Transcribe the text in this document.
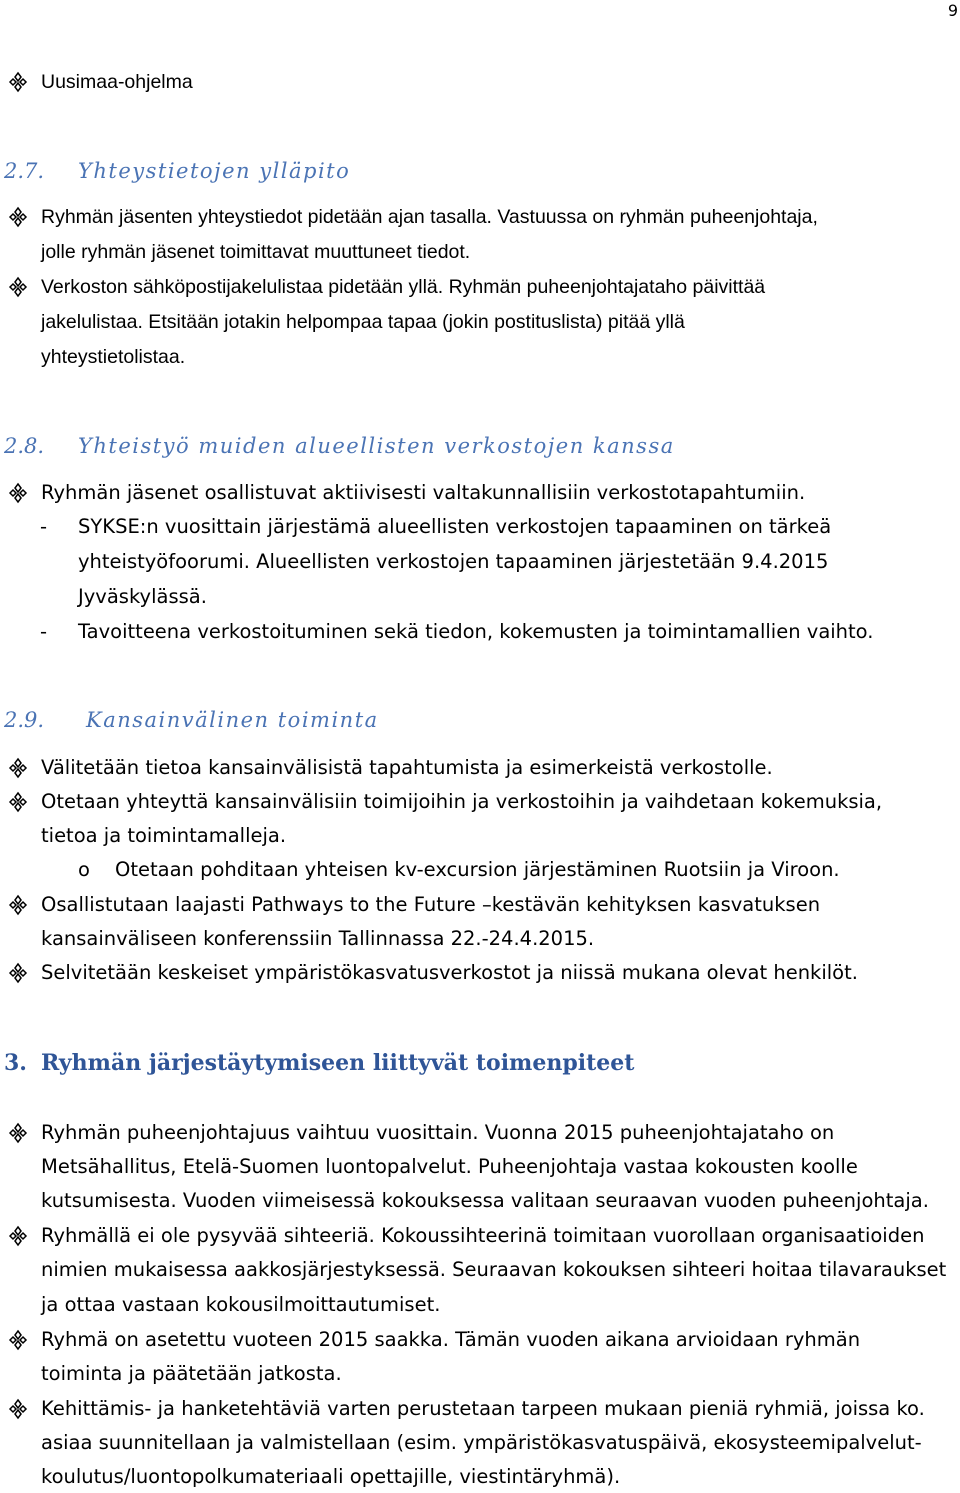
9
Uusimaa-ohjelma
2.7. Yhteystietojen ylläpito
Ryhmän jäsenten yhteystiedot pidetään ajan tasalla. Vastuussa on ryhmän puheenjohtaja,
jolle ryhmän jäsenet toimittavat muuttuneet tiedot.
Verkoston sähköpostijakelulistaa pidetään yllä. Ryhmän puheenjohtajataho päivittää
jakelulistaa. Etsitään jotakin helpompaa tapaa (jokin postituslista) pitää yllä
yhteystietolistaa.
2.8. Yhteistyö muiden alueellisten verkostojen kanssa
Ryhmän jäsenet osallistuvat aktiivisesti valtakunnallisiin verkostotapahtumiin.
- SYKSE:n vuosittain järjestämä alueellisten verkostojen tapaaminen on tärkeä
yhteistyöfoorumi. Alueellisten verkostojen tapaaminen järjestetään 9.4.2015
Jyväskylässä.
- Tavoitteena verkostoituminen sekä tiedon, kokemusten ja toimintamallien vaihto.
2.9. Kansainvälinen toiminta
Välitetään tietoa kansainvälisistä tapahtumista ja esimerkeistä verkostolle.
Otetaan yhteyttä kansainvälisiin toimijoihin ja verkostoihin ja vaihdetaan kokemuksia,
tietoa ja toimintamalleja.
o Otetaan pohditaan yhteisen kv-excursion järjestäminen Ruotsiin ja Viroon.
Osallistutaan laajasti Pathways to the Future –kestävän kehityksen kasvatuksen
kansainväliseen konferenssiin Tallinnassa 22.-24.4.2015.
Selvitetään keskeiset ympäristökasvatusverkostot ja niissä mukana olevat henkilöt.
3. Ryhmän järjestäytymiseen liittyvät toimenpiteet
Ryhmän puheenjohtajuus vaihtuu vuosittain. Vuonna 2015 puheenjohtajataho on
Metsähallitus, Etelä-Suomen luontopalvelut. Puheenjohtaja vastaa kokousten koolle
kutsumisesta. Vuoden viimeisessä kokouksessa valitaan seuraavan vuoden puheenjohtaja.
Ryhmällä ei ole pysyvää sihteeriä. Kokoussihteerinä toimitaan vuorollaan organisaatioiden
nimien mukaisessa aakkosjärjestyksessä. Seuraavan kokouksen sihteeri hoitaa tilavaraukset
ja ottaa vastaan kokousilmoittautumiset.
Ryhmä on asetettu vuoteen 2015 saakka. Tämän vuoden aikana arvioidaan ryhmän
toiminta ja päätetään jatkosta.
Kehittämis- ja hanketehtäviä varten perustetaan tarpeen mukaan pieniä ryhmiä, joissa ko.
asiaa suunnitellaan ja valmistellaan (esim. ympäristökasvatuspäivä, ekosysteemipalvelut-
koulutus/luontopolkumateriaali opettajille, viestintäryhmä).
